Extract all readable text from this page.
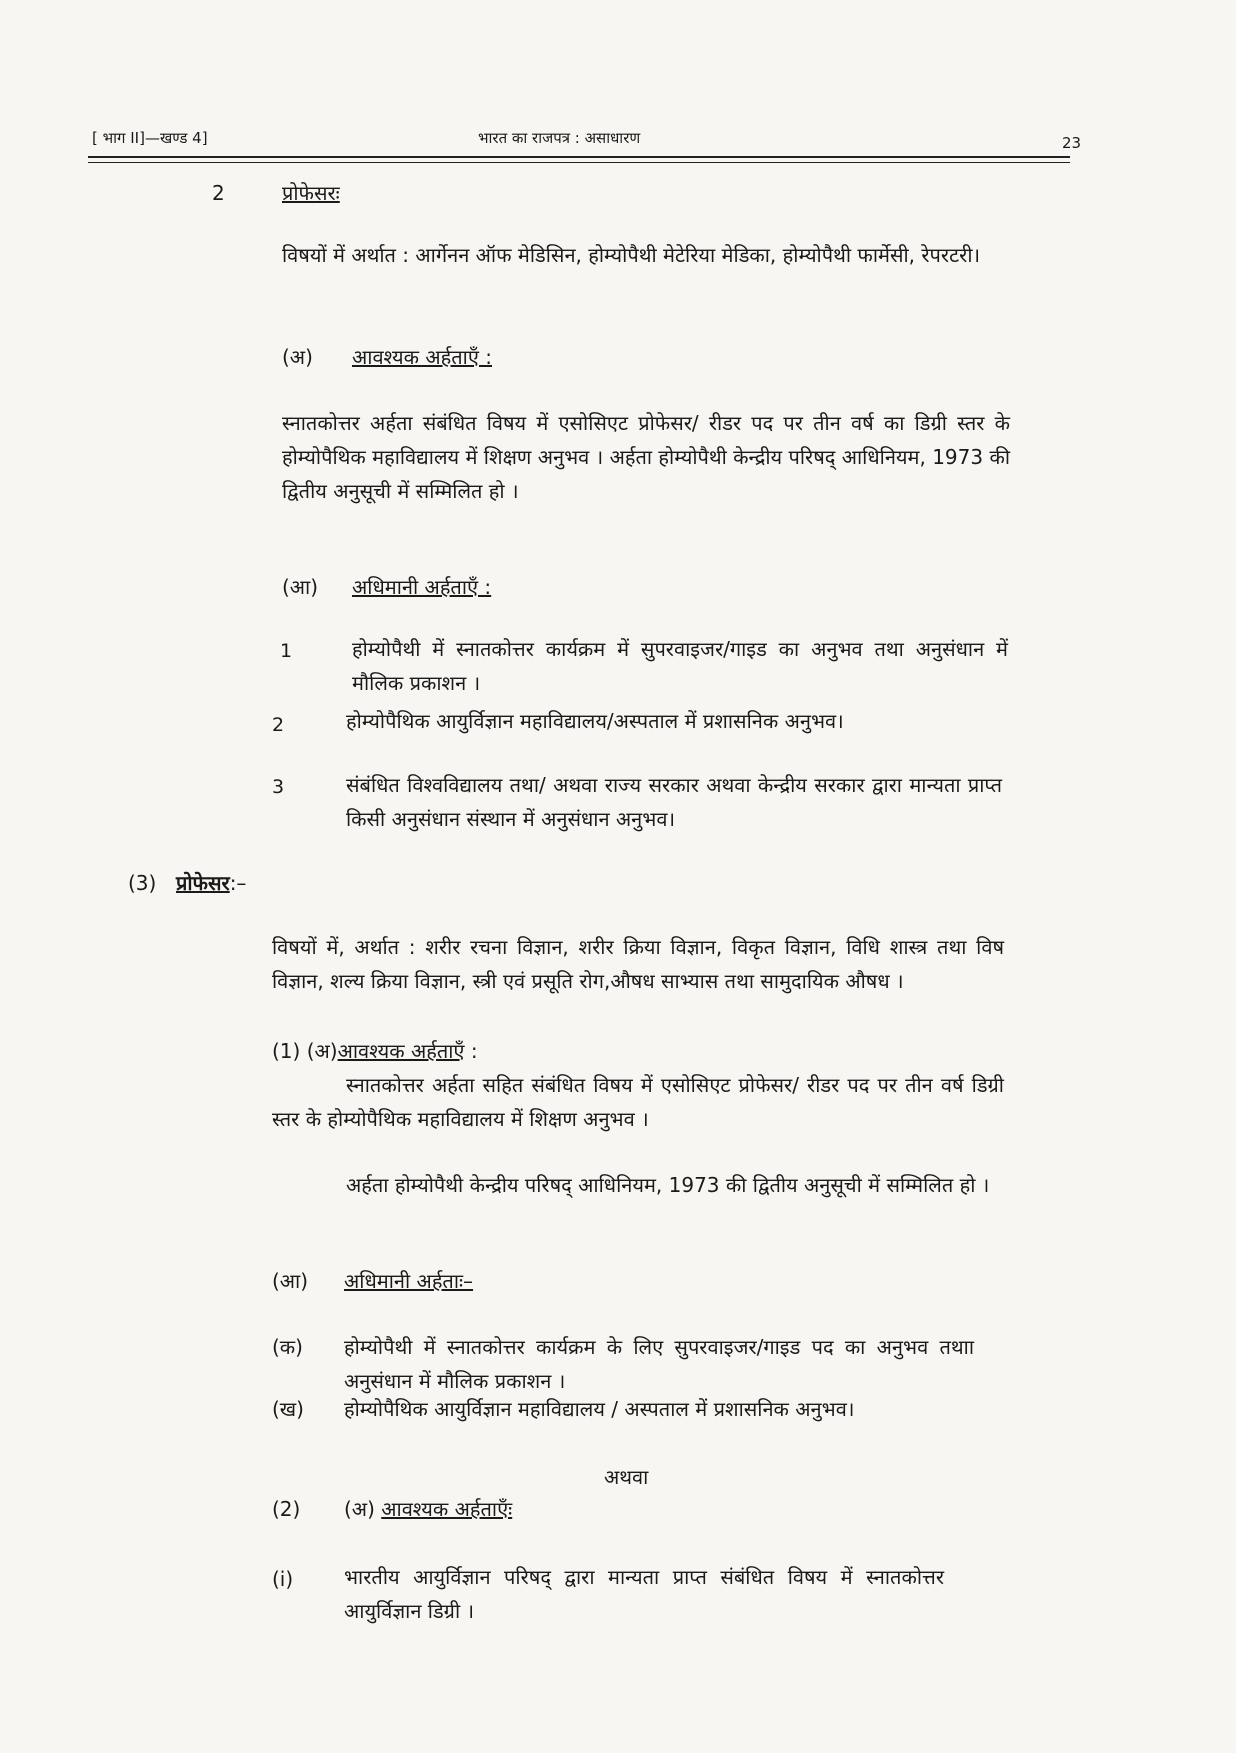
[ भाग II]—खण्ड 4]	भारत का राजपत्र : असाधारण	23
2	प्रोफेसरः
विषयों में अर्थात : आर्गेनन ऑफ मेडिसिन, होम्योपैथी मेटेरिया मेडिका, होम्योपैथी फार्मेसी, रेपरटरी।
(अ) आवश्यक अर्हताएँ :
स्नातकोत्तर अर्हता संबंधित विषय में एसोसिएट प्रोफेसर/ रीडर पद पर तीन वर्ष का डिग्री स्तर के होम्योपैथिक महाविद्यालय में शिक्षण अनुभव । अर्हता होम्योपैथी केन्द्रीय परिषद् आधिनियम, 1973 की द्वितीय अनुसूची में सम्मिलित हो ।
(आ) अधिमानी अर्हताएँ :
1	होम्योपैथी में स्नातकोत्तर कार्यक्रम में सुपरवाइजर/गाइड का अनुभव तथा अनुसंधान में मौलिक प्रकाशन ।
2	होम्योपैथिक आयुर्विज्ञान महाविद्यालय/अस्पताल में प्रशासनिक अनुभव।
3	संबंधित विश्वविद्यालय तथा/ अथवा राज्य सरकार अथवा केन्द्रीय सरकार द्वारा मान्यता प्राप्त किसी अनुसंधान संस्थान में अनुसंधान अनुभव।
(3) प्रोफेसर:–
विषयों में, अर्थात : शरीर रचना विज्ञान, शरीर क्रिया विज्ञान, विकृत विज्ञान, विधि शास्त्र तथा विष विज्ञान, शल्य क्रिया विज्ञान, स्त्री एवं प्रसूति रोग,औषध साभ्यास तथा सामुदायिक औषध ।
(1) (अ)आवश्यक अर्हताएँ :
स्नातकोत्तर अर्हता सहित संबंधित विषय में एसोसिएट प्रोफेसर/ रीडर पद पर तीन वर्ष डिग्री स्तर के होम्योपैथिक महाविद्यालय में शिक्षण अनुभव ।
अर्हता होम्योपैथी केन्द्रीय परिषद् आधिनियम, 1973 की द्वितीय अनुसूची में सम्मिलित हो ।
(आ) अधिमानी अर्हताः–
(क) होम्योपैथी में स्नातकोत्तर कार्यक्रम के लिए सुपरवाइजर/गाइड पद का अनुभव तथाा अनुसंधान में मौलिक प्रकाशन ।
(ख) होम्योपैथिक आयुर्विज्ञान महाविद्यालय / अस्पताल में प्रशासनिक अनुभव।
अथवा
(2) (अ) आवश्यक अर्हताएँः
(i)	भारतीय आयुर्विज्ञान परिषद् द्वारा मान्यता प्राप्त संबंधित विषय में स्नातकोत्तर आयुर्विज्ञान डिग्री ।
